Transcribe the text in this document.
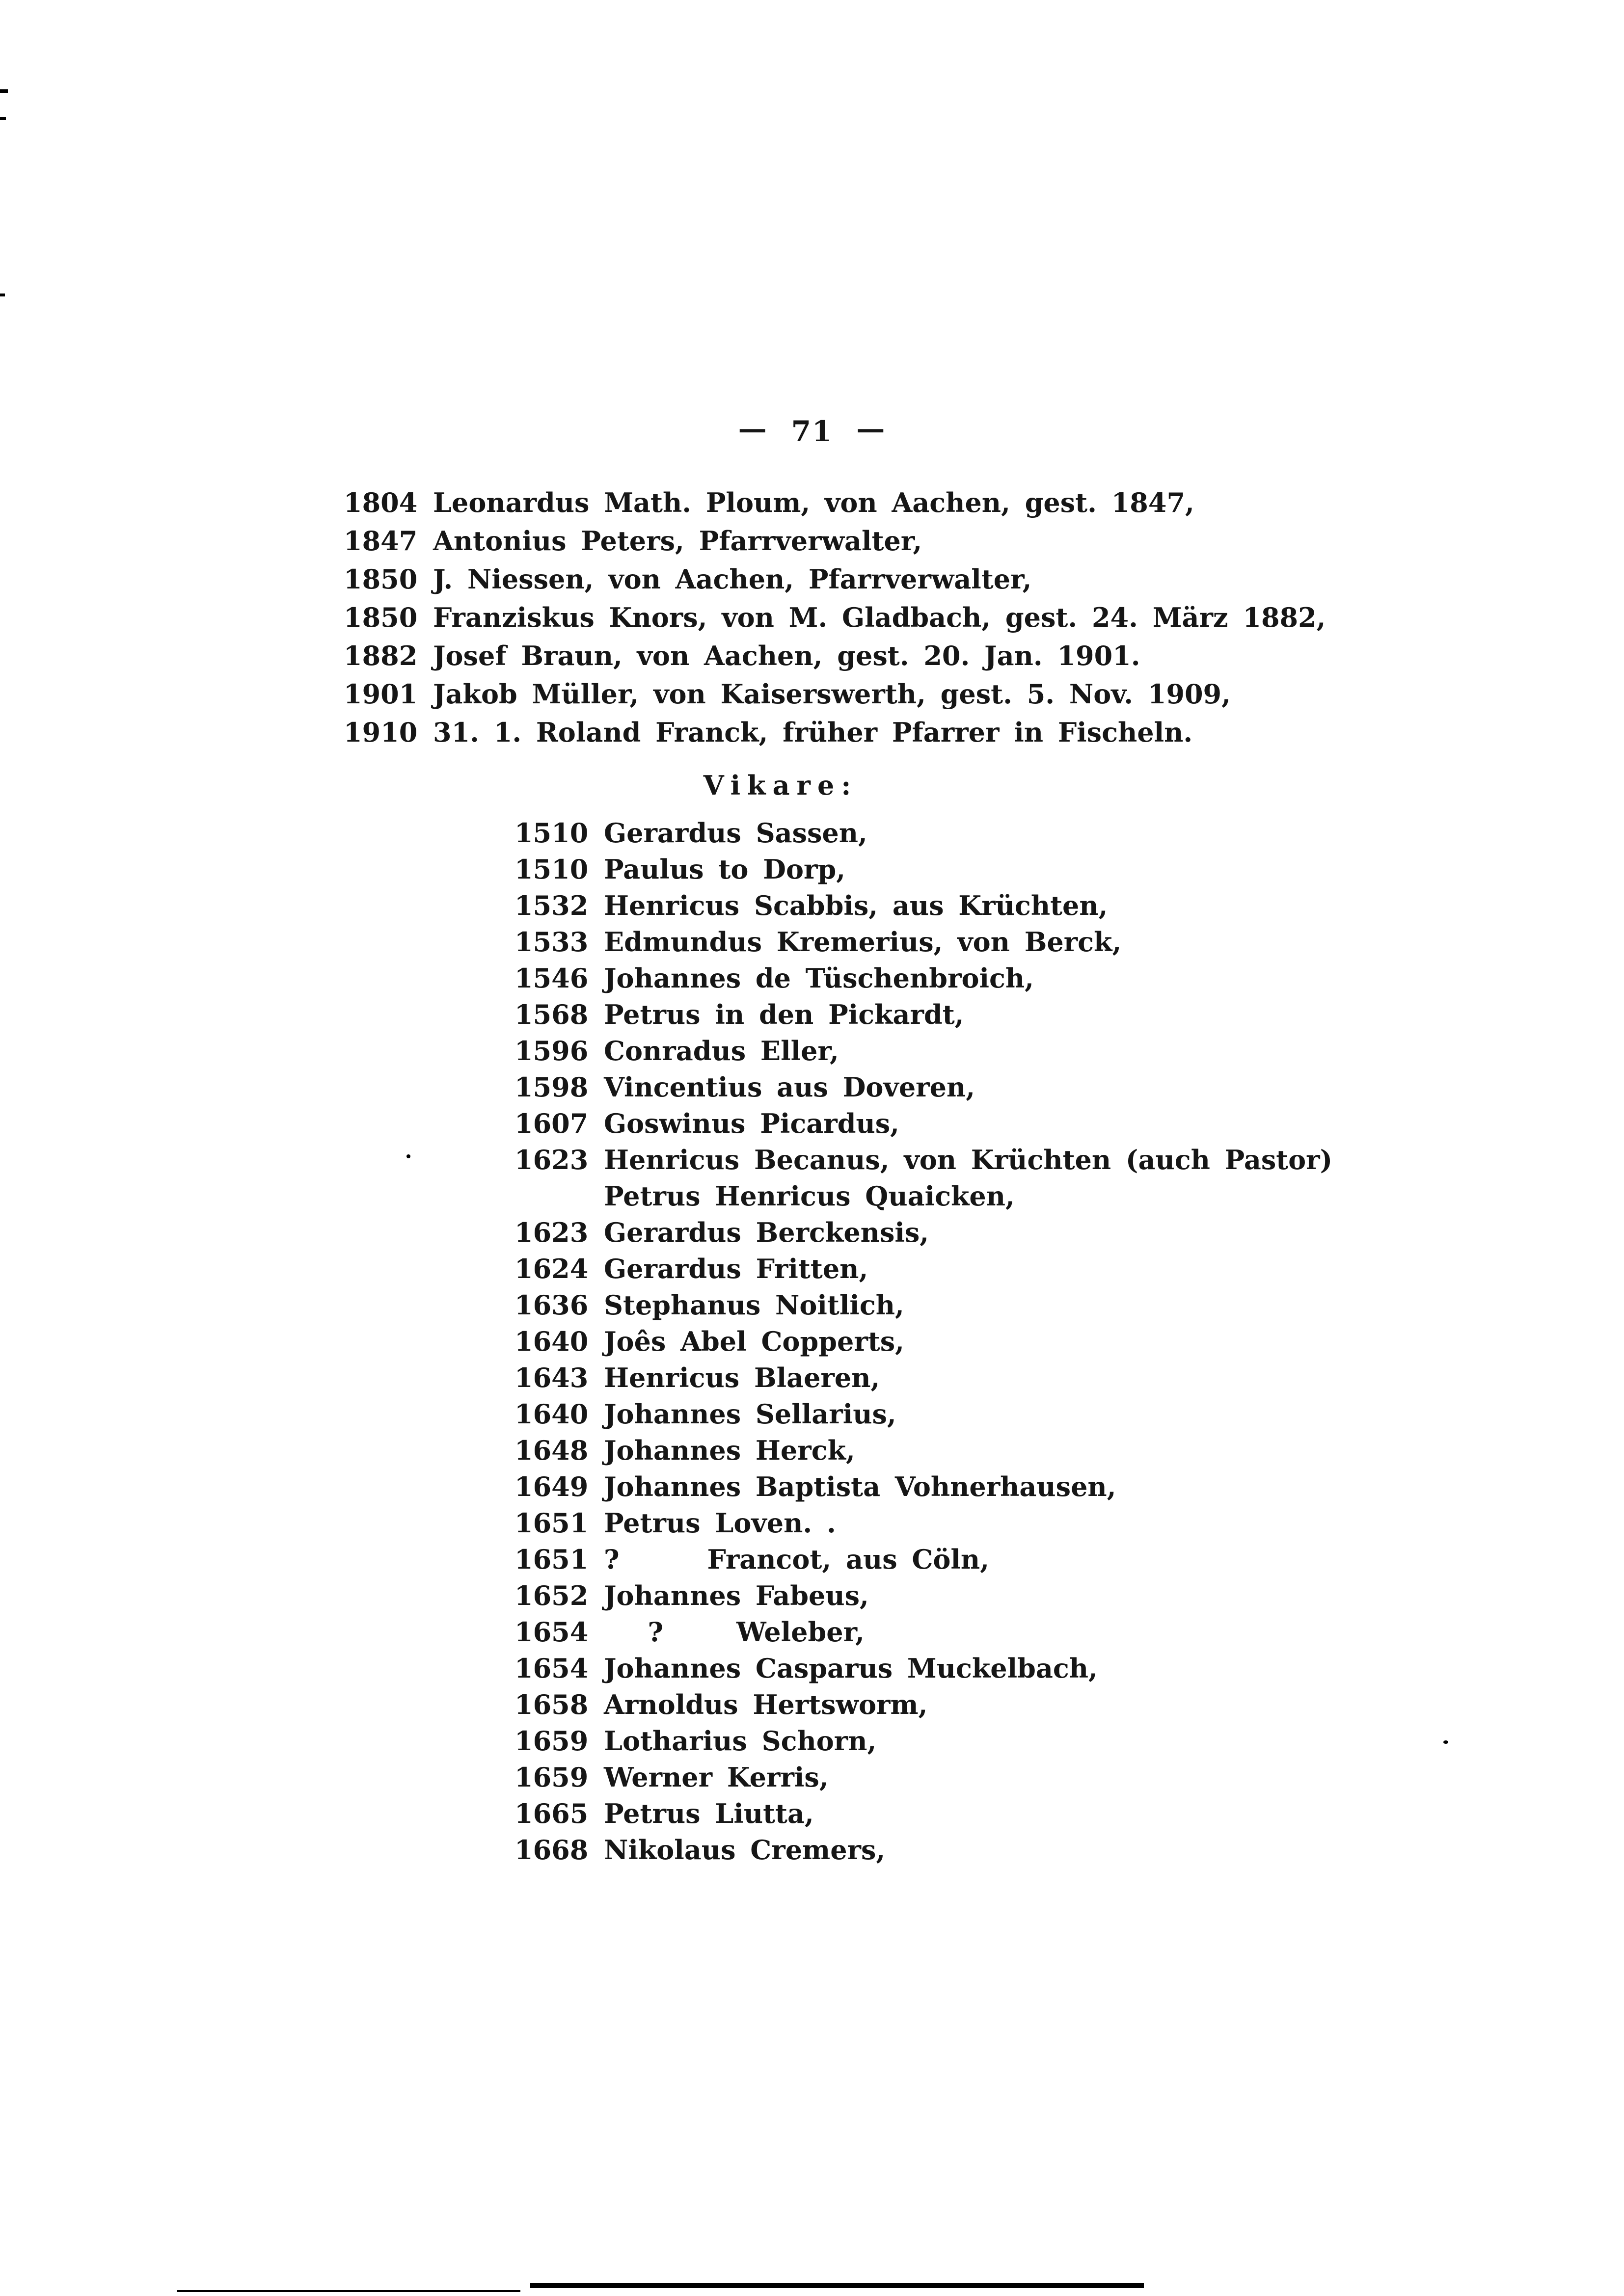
— 71 —
1804 Leonardus Math. Ploum, von Aachen, gest. 1847,
1847 Antonius Peters, Pfarrverwalter,
1850 J. Niessen, von Aachen, Pfarrverwalter,
1850 Franziskus Knors, von M. Gladbach, gest. 24. März 1882,
1882 Josef Braun, von Aachen, gest. 20. Jan. 1901.
1901 Jakob Müller, von Kaiserswerth, gest. 5. Nov. 1909,
1910 31. 1. Roland Franck, früher Pfarrer in Fischeln.
Vikare:
1510 Gerardus Sassen,
1510 Paulus to Dorp,
1532 Henricus Scabbis, aus Krüchten,
1533 Edmundus Kremerius, von Berck,
1546 Johannes de Tüschenbroich,
1568 Petrus in den Pickardt,
1596 Conradus Eller,
1598 Vincentius aus Doveren,
1607 Goswinus Picardus,
1623 Henricus Becanus, von Krüchten (auch Pastor)
Petrus Henricus Quaicken,
1623 Gerardus Berckensis,
1624 Gerardus Fritten,
1636 Stephanus Noitlich,
1640 Joês Abel Copperts,
1643 Henricus Blaeren,
1640 Johannes Sellarius,
1648 Johannes Herck,
1649 Johannes Baptista Vohnerhausen,
1651 Petrus Loven. .
1651 ?      Francot, aus Cöln,
1652 Johannes Fabeus,
1654   ?     Weleber,
1654 Johannes Casparus Muckelbach,
1658 Arnoldus Hertsworm,
1659 Lotharius Schorn,
1659 Werner Kerris,
1665 Petrus Liutta,
1668 Nikolaus Cremers,
